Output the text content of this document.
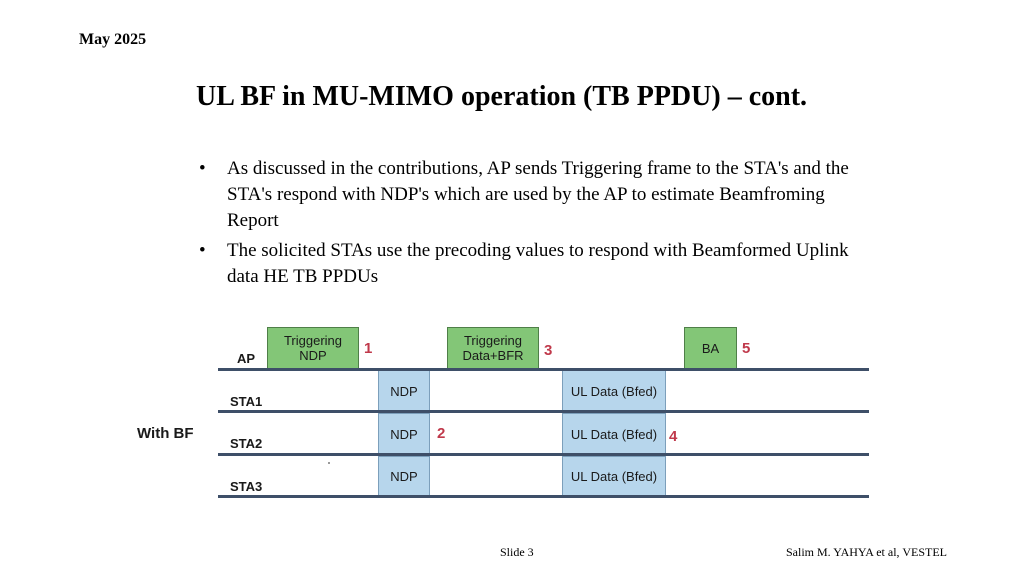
May 2025
UL BF in MU-MIMO operation (TB PPDU) – cont.
• As discussed in the contributions, AP sends Triggering frame to the STA's and the STA's respond with NDP's which are used by the AP to estimate Beamfroming Report
• The solicited STAs use the precoding values to respond with Beamformed Uplink data HE TB PPDUs
With BF
AP
STA1
STA2
STA3
Triggering
NDP
Triggering
Data+BFR	BA
NDP
NDP
NDP
UL Data (Bfed)
UL Data (Bfed)
UL Data (Bfed)
1
2
3
4
5
Slide 3	Salim M. YAHYA et al, VESTEL
